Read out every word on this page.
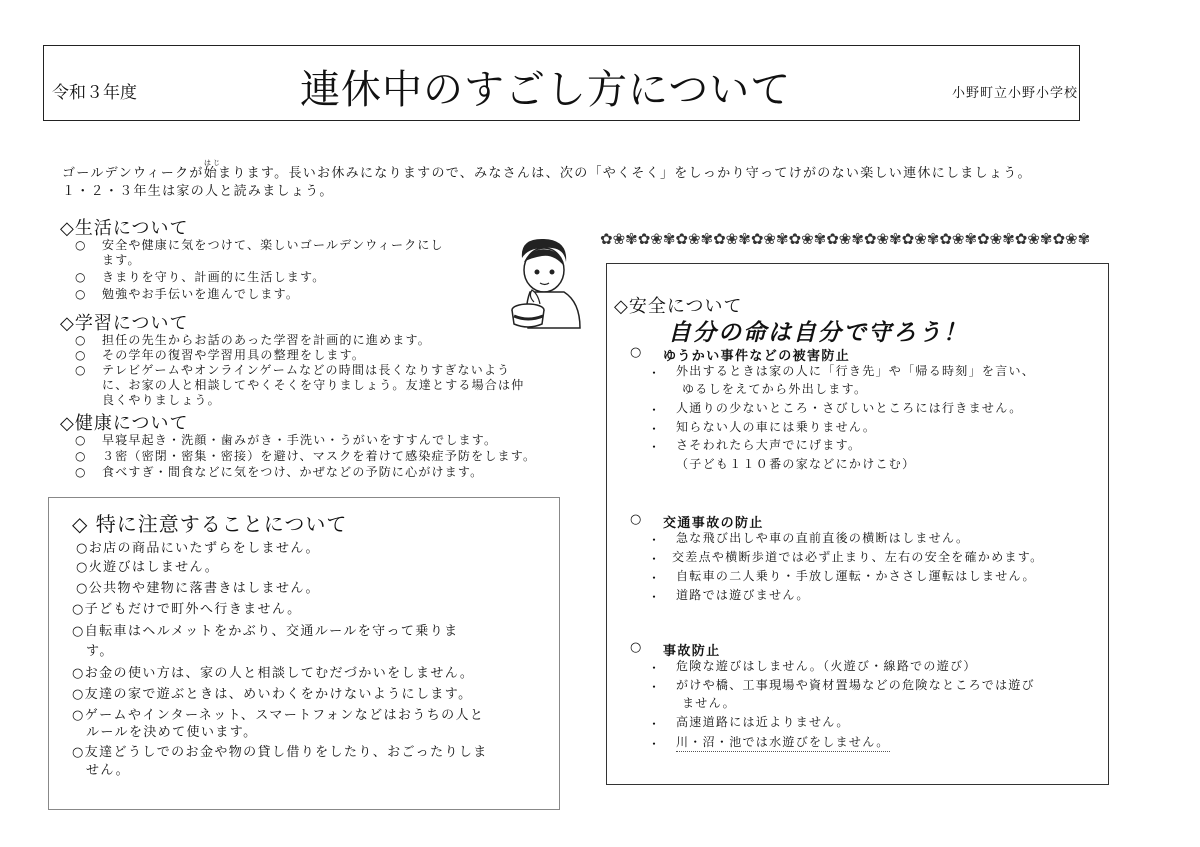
令和３年度	連休中のすごし方について	小野町立小野小学校
はじ
ゴールデンウィークが始まります。長いお休みになりますので、みなさんは、次の「やくそく」をしっかり守ってけがのない楽しい連休にしましょう。
１・２・３年生は家の人と読みましょう。
◇生活について
○ 安全や健康に気をつけて、楽しいゴールデンウィークにし
ます。
○ きまりを守り、計画的に生活します。
○ 勉強やお手伝いを進んでします。
◇学習について
○ 担任の先生からお話のあった学習を計画的に進めます。
○ その学年の復習や学習用具の整理をします。
○ テレビゲームやオンラインゲームなどの時間は長くなりすぎないよう
に、お家の人と相談してやくそくを守りましょう。友達とする場合は仲
良くやりましょう。
◇健康について
○ 早寝早起き・洗顔・歯みがき・手洗い・うがいをすすんでします。
○ ３密（密閉・密集・密接）を避け、マスクを着けて感染症予防をします。
○ 食べすぎ・間食などに気をつけ、かぜなどの予防に心がけます。
◇ 特に注意することについて
○お店の商品にいたずらをしません。
○火遊びはしません。
○公共物や建物に落書きはしません。
○子どもだけで町外へ行きません。
○自転車はヘルメットをかぶり、交通ルールを守って乗りま
す。
○お金の使い方は、家の人と相談してむだづかいをしません。
○友達の家で遊ぶときは、めいわくをかけないようにします。
○ゲームやインターネット、スマートフォンなどはおうちの人と
ルールを決めて使います。
○友達どうしでのお金や物の貸し借りをしたり、おごったりしま
せん。
✿❀✾✿❀✾✿❀✾✿❀✾✿❀✾✿❀✾✿❀✾✿❀✾✿❀✾✿❀✾✿❀✾✿❀✾✿❀✾
◇安全について
自分の命は自分で守ろう！
○ ゆうかい事件などの被害防止
・ 外出するときは家の人に「行き先」や「帰る時刻」を言い、
ゆるしをえてから外出します。
・ 人通りの少ないところ・さびしいところには行きません。
・ 知らない人の車には乗りません。
・ さそわれたら大声でにげます。
（子ども１１０番の家などにかけこむ）
○ 交通事故の防止
・ 急な飛び出しや車の直前直後の横断はしません。
・ 交差点や横断歩道では必ず止まり、左右の安全を確かめます。
・ 自転車の二人乗り・手放し運転・かささし運転はしません。
・ 道路では遊びません。
○ 事故防止
・ 危険な遊びはしません。（火遊び・線路での遊び）
・ がけや橋、工事現場や資材置場などの危険なところでは遊び
ません。
・ 高速道路には近よりません。
・ 川・沼・池では水遊びをしません。
